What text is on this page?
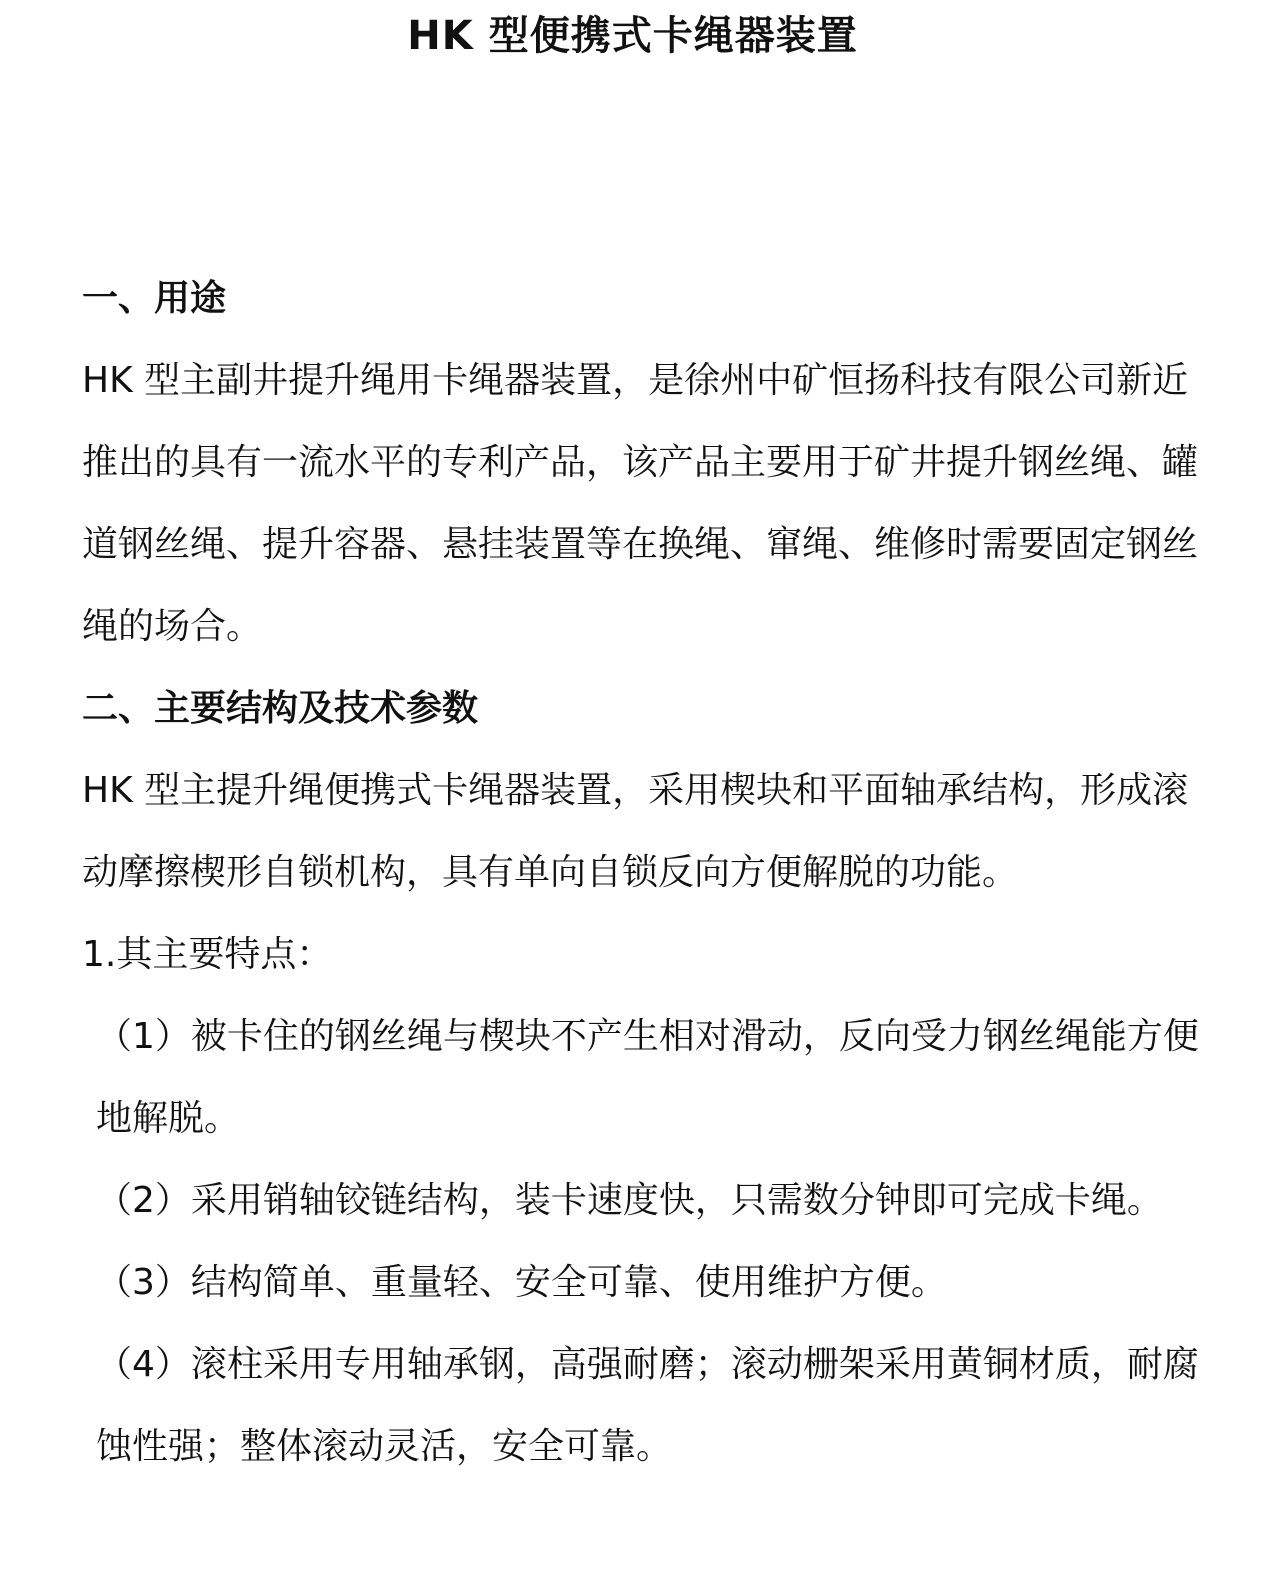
HK 型便携式卡绳器装置

一、用途

HK 型主副井提升绳用卡绳器装置，是徐州中矿恒扬科技有限公司新近推出的具有一流水平的专利产品，该产品主要用于矿井提升钢丝绳、罐道钢丝绳、提升容器、悬挂装置等在换绳、窜绳、维修时需要固定钢丝绳的场合。

二、主要结构及技术参数

HK 型主提升绳便携式卡绳器装置，采用楔块和平面轴承结构，形成滚动摩擦楔形自锁机构，具有单向自锁反向方便解脱的功能。

1.其主要特点：

（1）被卡住的钢丝绳与楔块不产生相对滑动，反向受力钢丝绳能方便地解脱。

（2）采用销轴铰链结构，装卡速度快，只需数分钟即可完成卡绳。

（3）结构简单、重量轻、安全可靠、使用维护方便。

（4）滚柱采用专用轴承钢，高强耐磨；滚动栅架采用黄铜材质，耐腐蚀性强；整体滚动灵活，安全可靠。
